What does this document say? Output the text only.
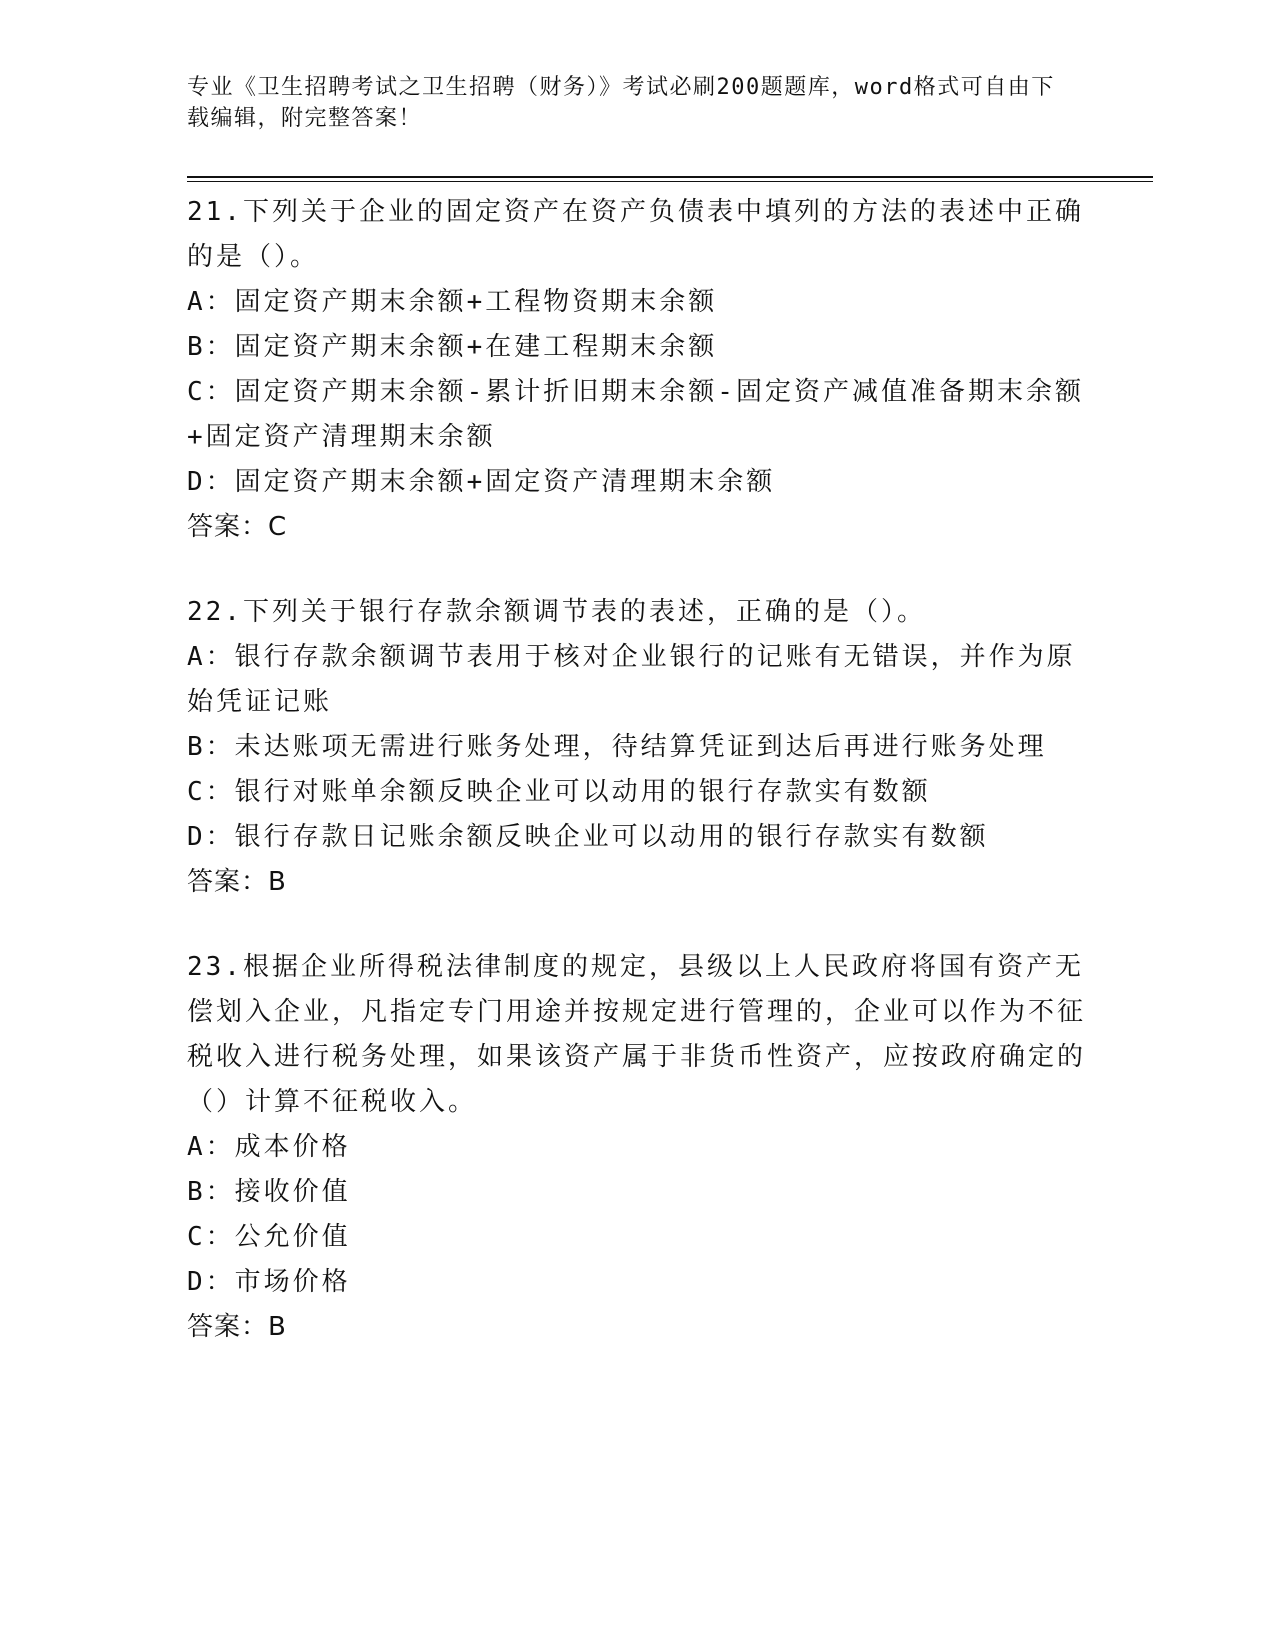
专业《卫生招聘考试之卫生招聘（财务）》考试必刷200题题库，word格式可自由下载编辑，附完整答案！

21.下列关于企业的固定资产在资产负债表中填列的方法的表述中正确的是（）。

A：固定资产期末余额+工程物资期末余额

B：固定资产期末余额+在建工程期末余额

C：固定资产期末余额-累计折旧期末余额-固定资产减值准备期末余额+固定资产清理期末余额

D：固定资产期末余额+固定资产清理期末余额

答案：C

22.下列关于银行存款余额调节表的表述，正确的是（）。

A：银行存款余额调节表用于核对企业银行的记账有无错误，并作为原始凭证记账

B：未达账项无需进行账务处理，待结算凭证到达后再进行账务处理

C：银行对账单余额反映企业可以动用的银行存款实有数额

D：银行存款日记账余额反映企业可以动用的银行存款实有数额

答案：B

23.根据企业所得税法律制度的规定，县级以上人民政府将国有资产无偿划入企业，凡指定专门用途并按规定进行管理的，企业可以作为不征税收入进行税务处理，如果该资产属于非货币性资产，应按政府确定的（）计算不征税收入。

A：成本价格

B：接收价值

C：公允价值

D：市场价格

答案：B
